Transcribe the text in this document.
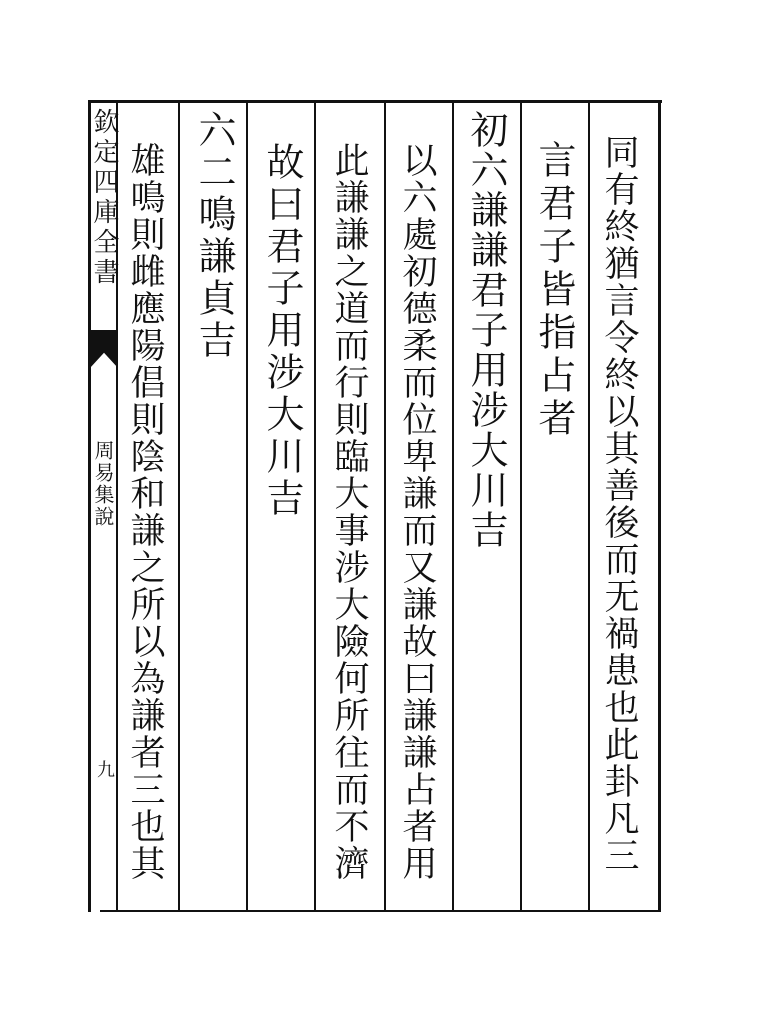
欽定四庫全書
周易集說
九	同有終猶言令終以其善後而无禍患也此卦凡三
言君子皆指占者
初六謙謙君子用涉大川吉
以六處初德柔而位卑謙而又謙故曰謙謙占者用
此謙謙之道而行則臨大事涉大險何所往而不濟
故曰君子用涉大川吉
六二鳴謙貞吉
雄鳴則雌應陽倡則陰和謙之所以為謙者三也其
